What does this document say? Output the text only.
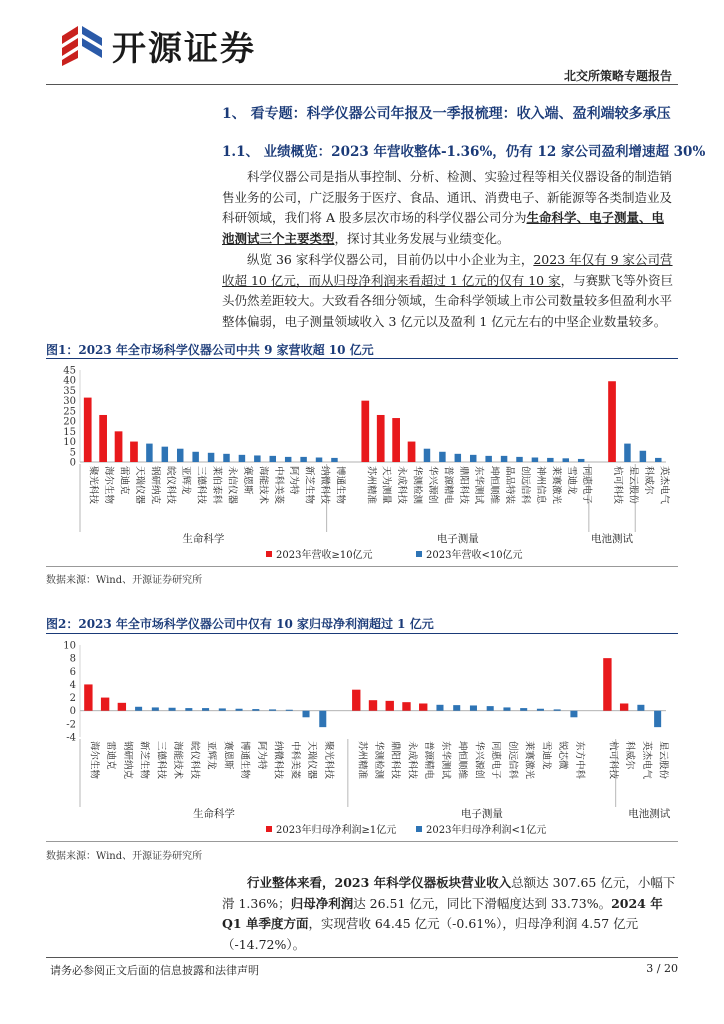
开源证券
北交所策略专题报告
1、 看专题：科学仪器公司年报及一季报梳理：收入端、盈利端较多承压
1.1、 业绩概览：2023 年营收整体-1.36%，仍有 12 家公司盈利增速超 30%

科学仪器公司是指从事控制、分析、检测、实验过程等相关仪器设备的制造销售业务的公司，广泛服务于医疗、食品、通讯、消费电子、新能源等各类制造业及科研领域，我们将 A 股多层次市场的科学仪器公司分为生命科学、电子测量、电池测试三个主要类型，探讨其业务发展与业绩变化。

纵览 36 家科学仪器公司，目前仍以中小企业为主，2023 年仅有 9 家公司营收超 10 亿元，而从归母净利润来看超过 1 亿元的仅有 10 家，与赛默飞等外资巨头仍然差距较大。大致看各细分领域，生命科学领域上市公司数量较多但盈利水平整体偏弱，电子测量领域收入 3 亿元以及盈利 1 亿元左右的中坚企业数量较多。

图1：2023 年全市场科学仪器公司中共 9 家营收超 10 亿元
0
5
10
15
20
25
30
35
40
45
聚光科技 海尔生物 雷迪克 天瑞仪器 钢研纳克 皖仪科技 亚辉龙 三德科技 莱伯泰科 永信仪器 赛恩斯 海能技术 中科美菱 阿为特 新芝生物 纳微科技 博通生物 苏州精准 天为测量 永成科技 华测检测 华兴源创 普源精电 鼎阳科技 东华测试 坤恒顺维 晶品特装 创远信科 神州信息 莱赛激光 雪迪龙 同惠电子 杭可科技 星云股份 科威尔 英杰电气
生命科学	电子测量	电池测试
2023年营收≥10亿元	2023年营收<10亿元
数据来源：Wind、开源证券研究所
图2：2023 年全市场科学仪器公司中仅有 10 家归母净利润超过 1 亿元
-4
-2
0
2
4
6
8
10
海尔生物 雷迪克 钢研纳克 新芝生物 三德科技 海能技术 皖仪科技 亚辉龙 赛恩斯 博通生物 阿为特 纳微科技 中科美菱 天瑞仪器 聚光科技 苏州精准 华测检测 鼎阳科技 永成科技 普源精电 东华测试 坤恒顺维 华兴源创 同惠电子 创远信科 莱赛激光 雪迪龙 锐芯微 东方中科 杭可科技 科威尔 英杰电气 星云股份
生命科学	电子测量	电池测试
2023年归母净利润≥1亿元	2023年归母净利润<1亿元
数据来源：Wind、开源证券研究所

行业整体来看，2023 年科学仪器板块营业收入总额达 307.65 亿元，小幅下滑 1.36%；归母净利润达 26.51 亿元，同比下滑幅度达到 33.73%。2024 年 Q1 单季度方面，实现营收 64.45 亿元（-0.61%），归母净利润 4.57 亿元（-14.72%）。

请务必参阅正文后面的信息披露和法律声明	3 / 20
